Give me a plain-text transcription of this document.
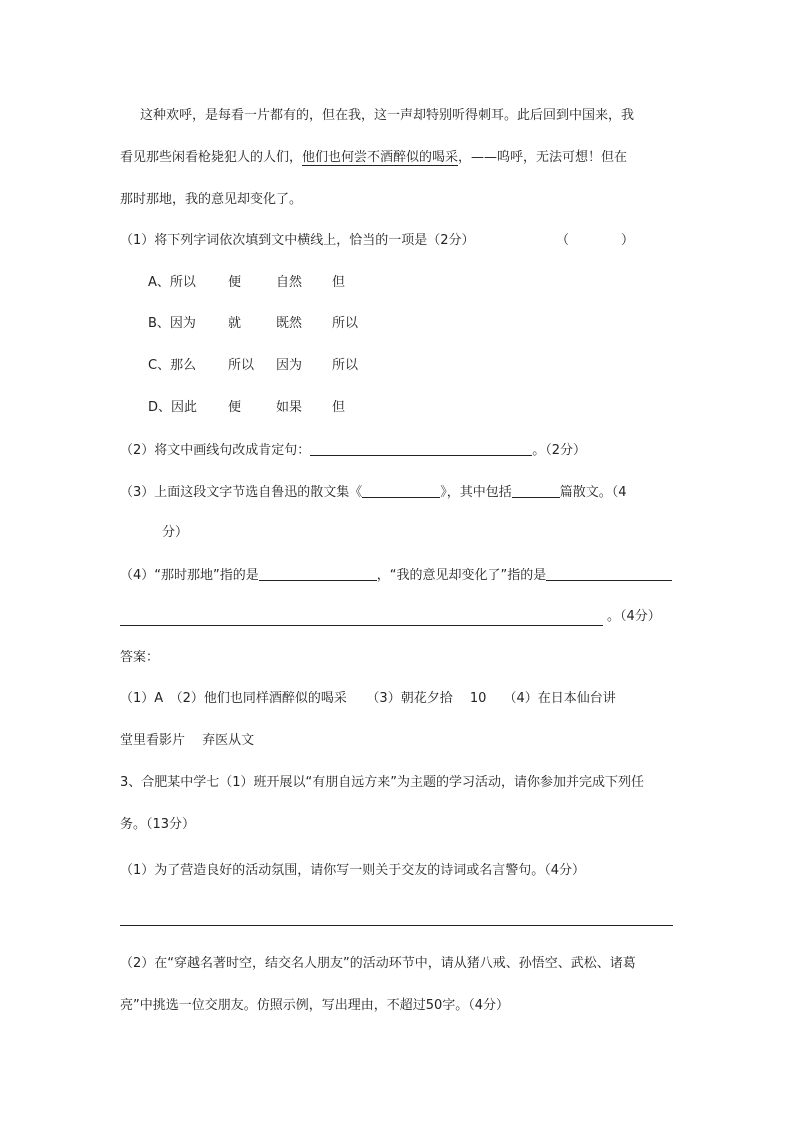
这种欢呼，是每看一片都有的，但在我，这一声却特别听得刺耳。此后回到中国来，我
看见那些闲看枪毙犯人的人们，他们也何尝不酒醉似的喝采，——呜呼，无法可想！但在
那时那地，我的意见却变化了。
（1）将下列字词依次填到文中横线上，恰当的一项是（2分）	（　　　　）
A、所以 便	自然 但
B、因为 就	既然 所以
C、那么 所以 因为 所以
D、因此 便	如果 但
（2）将文中画线句改成肯定句：	。（2分）
（3）上面这段文字节选自鲁迅的散文集《	》，其中包括	篇散文。（4
分）
（4）“那时那地”指的是	，“我的意见却变化了”指的是
。（4分）
答案：
（1）A　（2）他们也同样酒醉似的喝采　　（3）朝花夕拾　 10　 （4）在日本仙台讲
堂里看影片　 弃医从文
3、合肥某中学七（1）班开展以“有朋自远方来”为主题的学习活动，请你参加并完成下列任
务。（13分）
（1）为了营造良好的活动氛围，请你写一则关于交友的诗词或名言警句。（4分）
（2）在“穿越名著时空，结交名人朋友”的活动环节中，请从猪八戒、孙悟空、武松、诸葛
亮”中挑选一位交朋友。仿照示例，写出理由，不超过50字。（4分）
